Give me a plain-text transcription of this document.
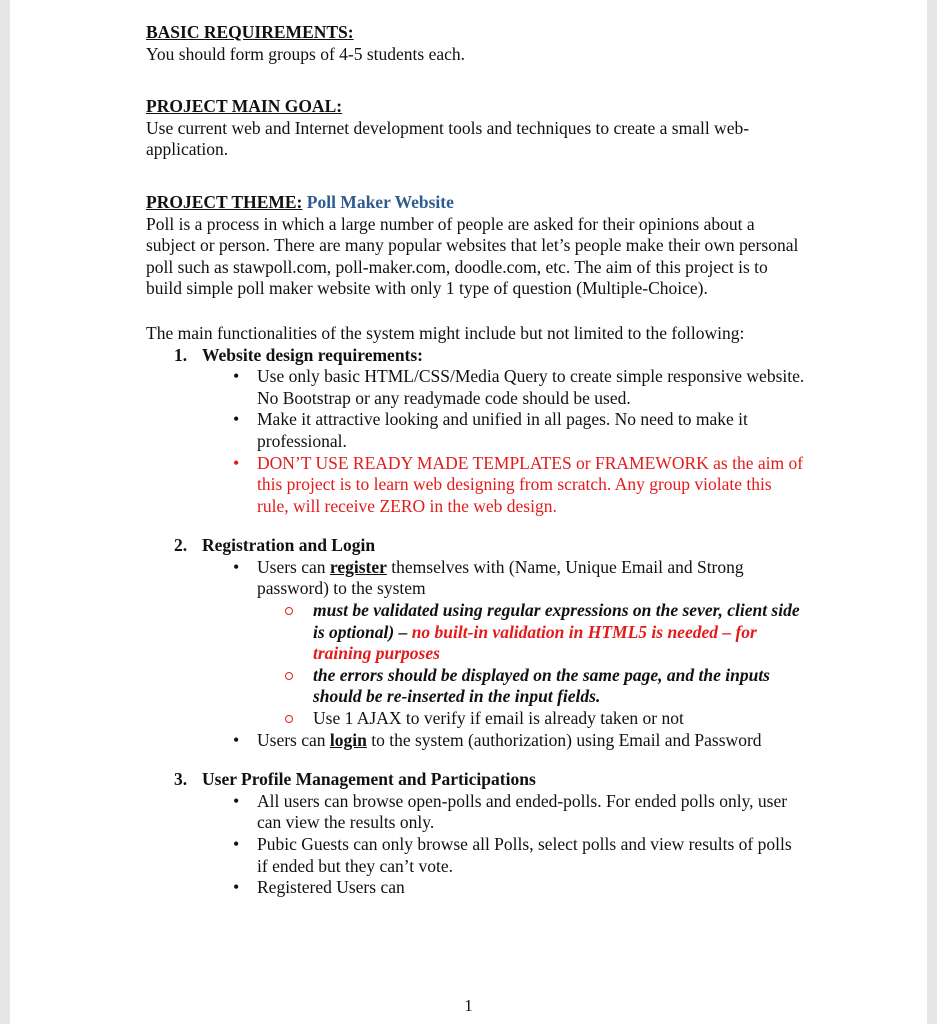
BASIC REQUIREMENTS:
You should form groups of 4-5 students each.
PROJECT MAIN GOAL:
Use current web and Internet development tools and techniques to create a small web-application.
PROJECT THEME: Poll Maker Website
Poll is a process in which a large number of people are asked for their opinions about a subject or person. There are many popular websites that let’s people make their own personal poll such as stawpoll.com, poll-maker.com, doodle.com, etc. The aim of this project is to build simple poll maker website with only 1 type of question (Multiple-Choice).
The main functionalities of the system might include but not limited to the following:
1. Website design requirements:
• Use only basic HTML/CSS/Media Query to create simple responsive website. No Bootstrap or any readymade code should be used.
• Make it attractive looking and unified in all pages. No need to make it professional.
• DON’T USE READY MADE TEMPLATES or FRAMEWORK as the aim of this project is to learn web designing from scratch. Any group violate this rule, will receive ZERO in the web design.
2. Registration and Login
• Users can register themselves with (Name, Unique Email and Strong password) to the system
must be validated using regular expressions on the sever, client side is optional) – no built-in validation in HTML5 is needed – for training purposes
the errors should be displayed on the same page, and the inputs should be re-inserted in the input fields.
Use 1 AJAX to verify if email is already taken or not
• Users can login to the system (authorization) using Email and Password
3. User Profile Management and Participations
• All users can browse open-polls and ended-polls. For ended polls only, user can view the results only.
• Pubic Guests can only browse all Polls, select polls and view results of polls if ended but they can’t vote.
• Registered Users can
1
